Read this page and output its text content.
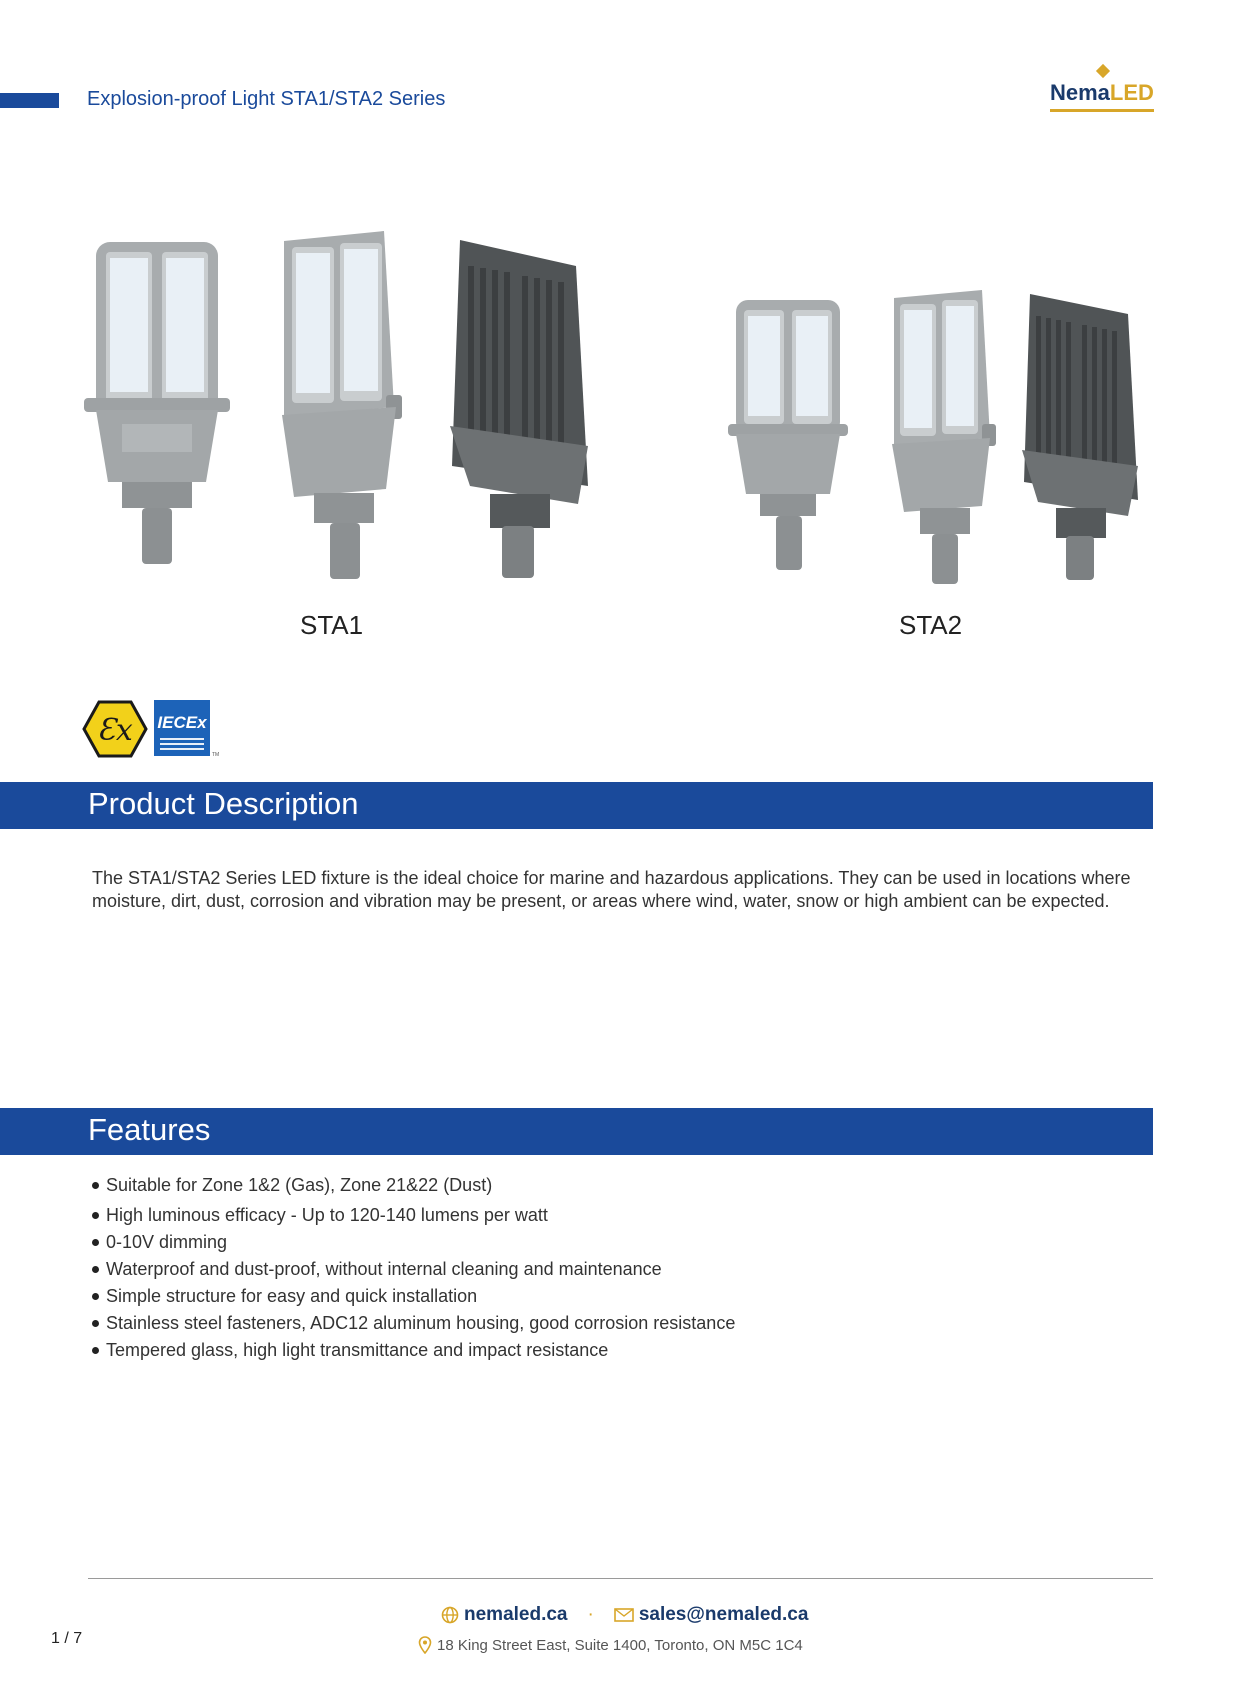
Explosion-proof Light STA1/STA2 Series	NemaLED
STA1	STA2
Ɛx IECEx
TM
Product Description

The STA1/STA2 Series LED fixture is the ideal choice for marine and hazardous applications. They can be used in locations where moisture, dirt, dust, corrosion and vibration may be present, or areas where wind, water, snow or high ambient can be expected.

Features
Suitable for Zone 1&2 (Gas), Zone 21&22 (Dust)
High luminous efficacy - Up to 120-140 lumens per watt
0-10V dimming
Waterproof and dust-proof, without internal cleaning and maintenance
Simple structure for easy and quick installation
Stainless steel fasteners, ADC12 aluminum housing, good corrosion resistance
Tempered glass, high light transmittance and impact resistance
1 / 7
nemaled.ca · sales@nemaled.ca
18 King Street East, Suite 1400, Toronto, ON M5C 1C4
